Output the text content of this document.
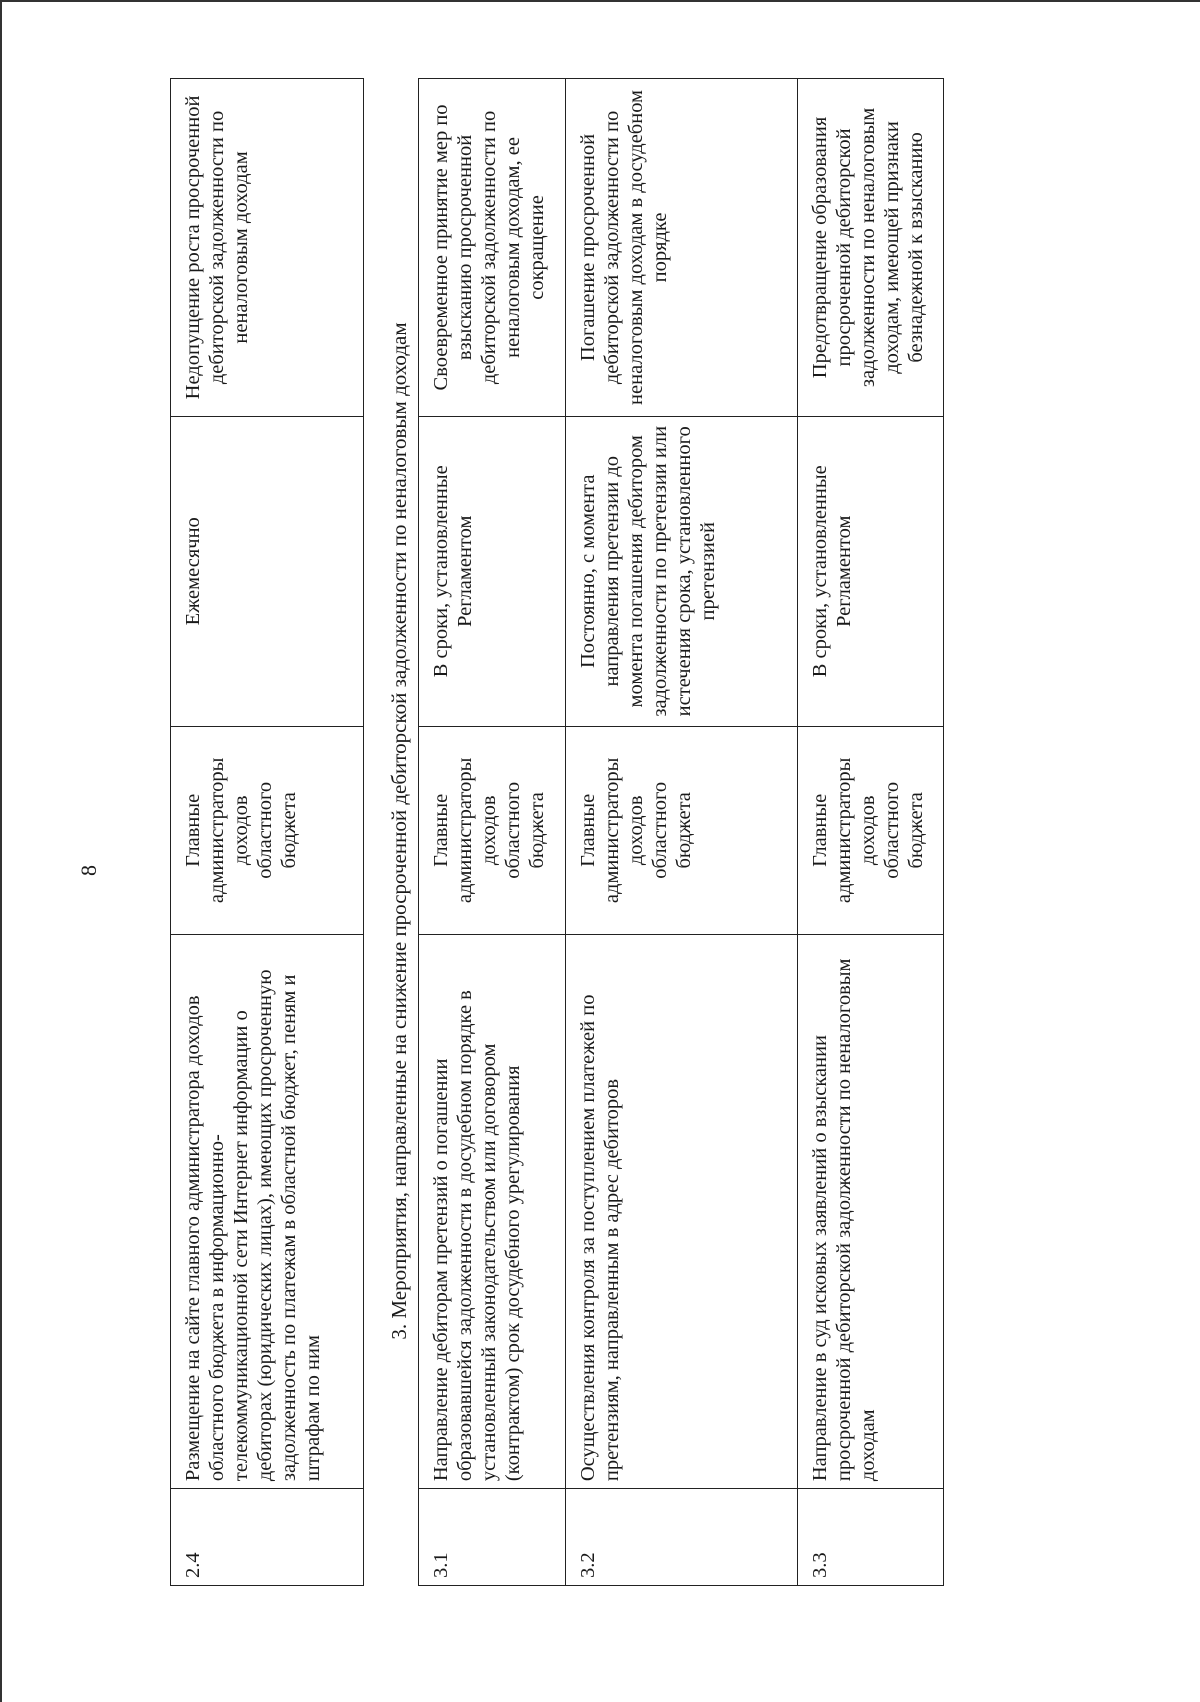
8
2.4	Размещение на сайте главного администратора доходов областного бюджета в информационно-телекоммуникационной сети Интернет информации о дебиторах (юридических лицах), имеющих просроченную задолженность по платежам в областной бюджет, пеням и штрафам по ним	Главные
администраторы
доходов
областного
бюджета	Ежемесячно	Недопущение роста просроченной дебиторской задолженности по неналоговым доходам
3. Мероприятия, направленные на снижение просроченной дебиторской задолженности по неналоговым доходам
3.1	Направление дебиторам претензий о погашении образовавшейся задолженности в досудебном порядке в установленный законодательством или договором (контрактом) срок досудебного урегулирования	Главные
администраторы
доходов
областного
бюджета	В сроки, установленные Регламентом	Своевременное принятие мер по взысканию просроченной дебиторской задолженности по неналоговым доходам, ее сокращение
3.2	Осуществления контроля за поступлением платежей по претензиям, направленным в адрес дебиторов	Главные
администраторы
доходов
областного
бюджета	Постоянно, с момента направления претензии до момента погашения дебитором задолженности по претензии или истечения срока, установленного претензией	Погашение просроченной дебиторской задолженности по неналоговым доходам в досудебном порядке
3.3	Направление в суд исковых заявлений о взыскании просроченной дебиторской задолженности по неналоговым доходам	Главные
администраторы
доходов
областного
бюджета	В сроки, установленные Регламентом	Предотвращение образования просроченной дебиторской задолженности по неналоговым доходам, имеющей признаки безнадежной к взысканию
